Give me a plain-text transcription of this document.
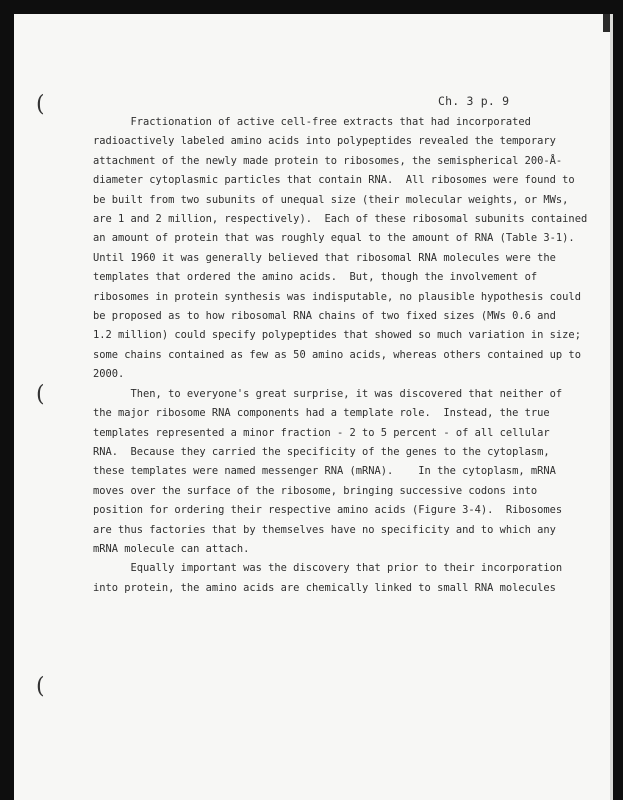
(
(
(
Ch. 3 p. 9
Fractionation of active cell-free extracts that had incorporated
radioactively labeled amino acids into polypeptides revealed the temporary
attachment of the newly made protein to ribosomes, the semispherical 200-Å-
diameter cytoplasmic particles that contain RNA.  All ribosomes were found to
be built from two subunits of unequal size (their molecular weights, or MWs,
are 1 and 2 million, respectively).  Each of these ribosomal subunits contained
an amount of protein that was roughly equal to the amount of RNA (Table 3-1).
Until 1960 it was generally believed that ribosomal RNA molecules were the
templates that ordered the amino acids.  But, though the involvement of
ribosomes in protein synthesis was indisputable, no plausible hypothesis could
be proposed as to how ribosomal RNA chains of two fixed sizes (MWs 0.6 and
1.2 million) could specify polypeptides that showed so much variation in size;
some chains contained as few as 50 amino acids, whereas others contained up to
2000.
Then, to everyone's great surprise, it was discovered that neither of
the major ribosome RNA components had a template role.  Instead, the true
templates represented a minor fraction - 2 to 5 percent - of all cellular
RNA.  Because they carried the specificity of the genes to the cytoplasm,
these templates were named messenger RNA (mRNA).    In the cytoplasm, mRNA
moves over the surface of the ribosome, bringing successive codons into
position for ordering their respective amino acids (Figure 3-4).  Ribosomes
are thus factories that by themselves have no specificity and to which any
mRNA molecule can attach.
Equally important was the discovery that prior to their incorporation
into protein, the amino acids are chemically linked to small RNA molecules
